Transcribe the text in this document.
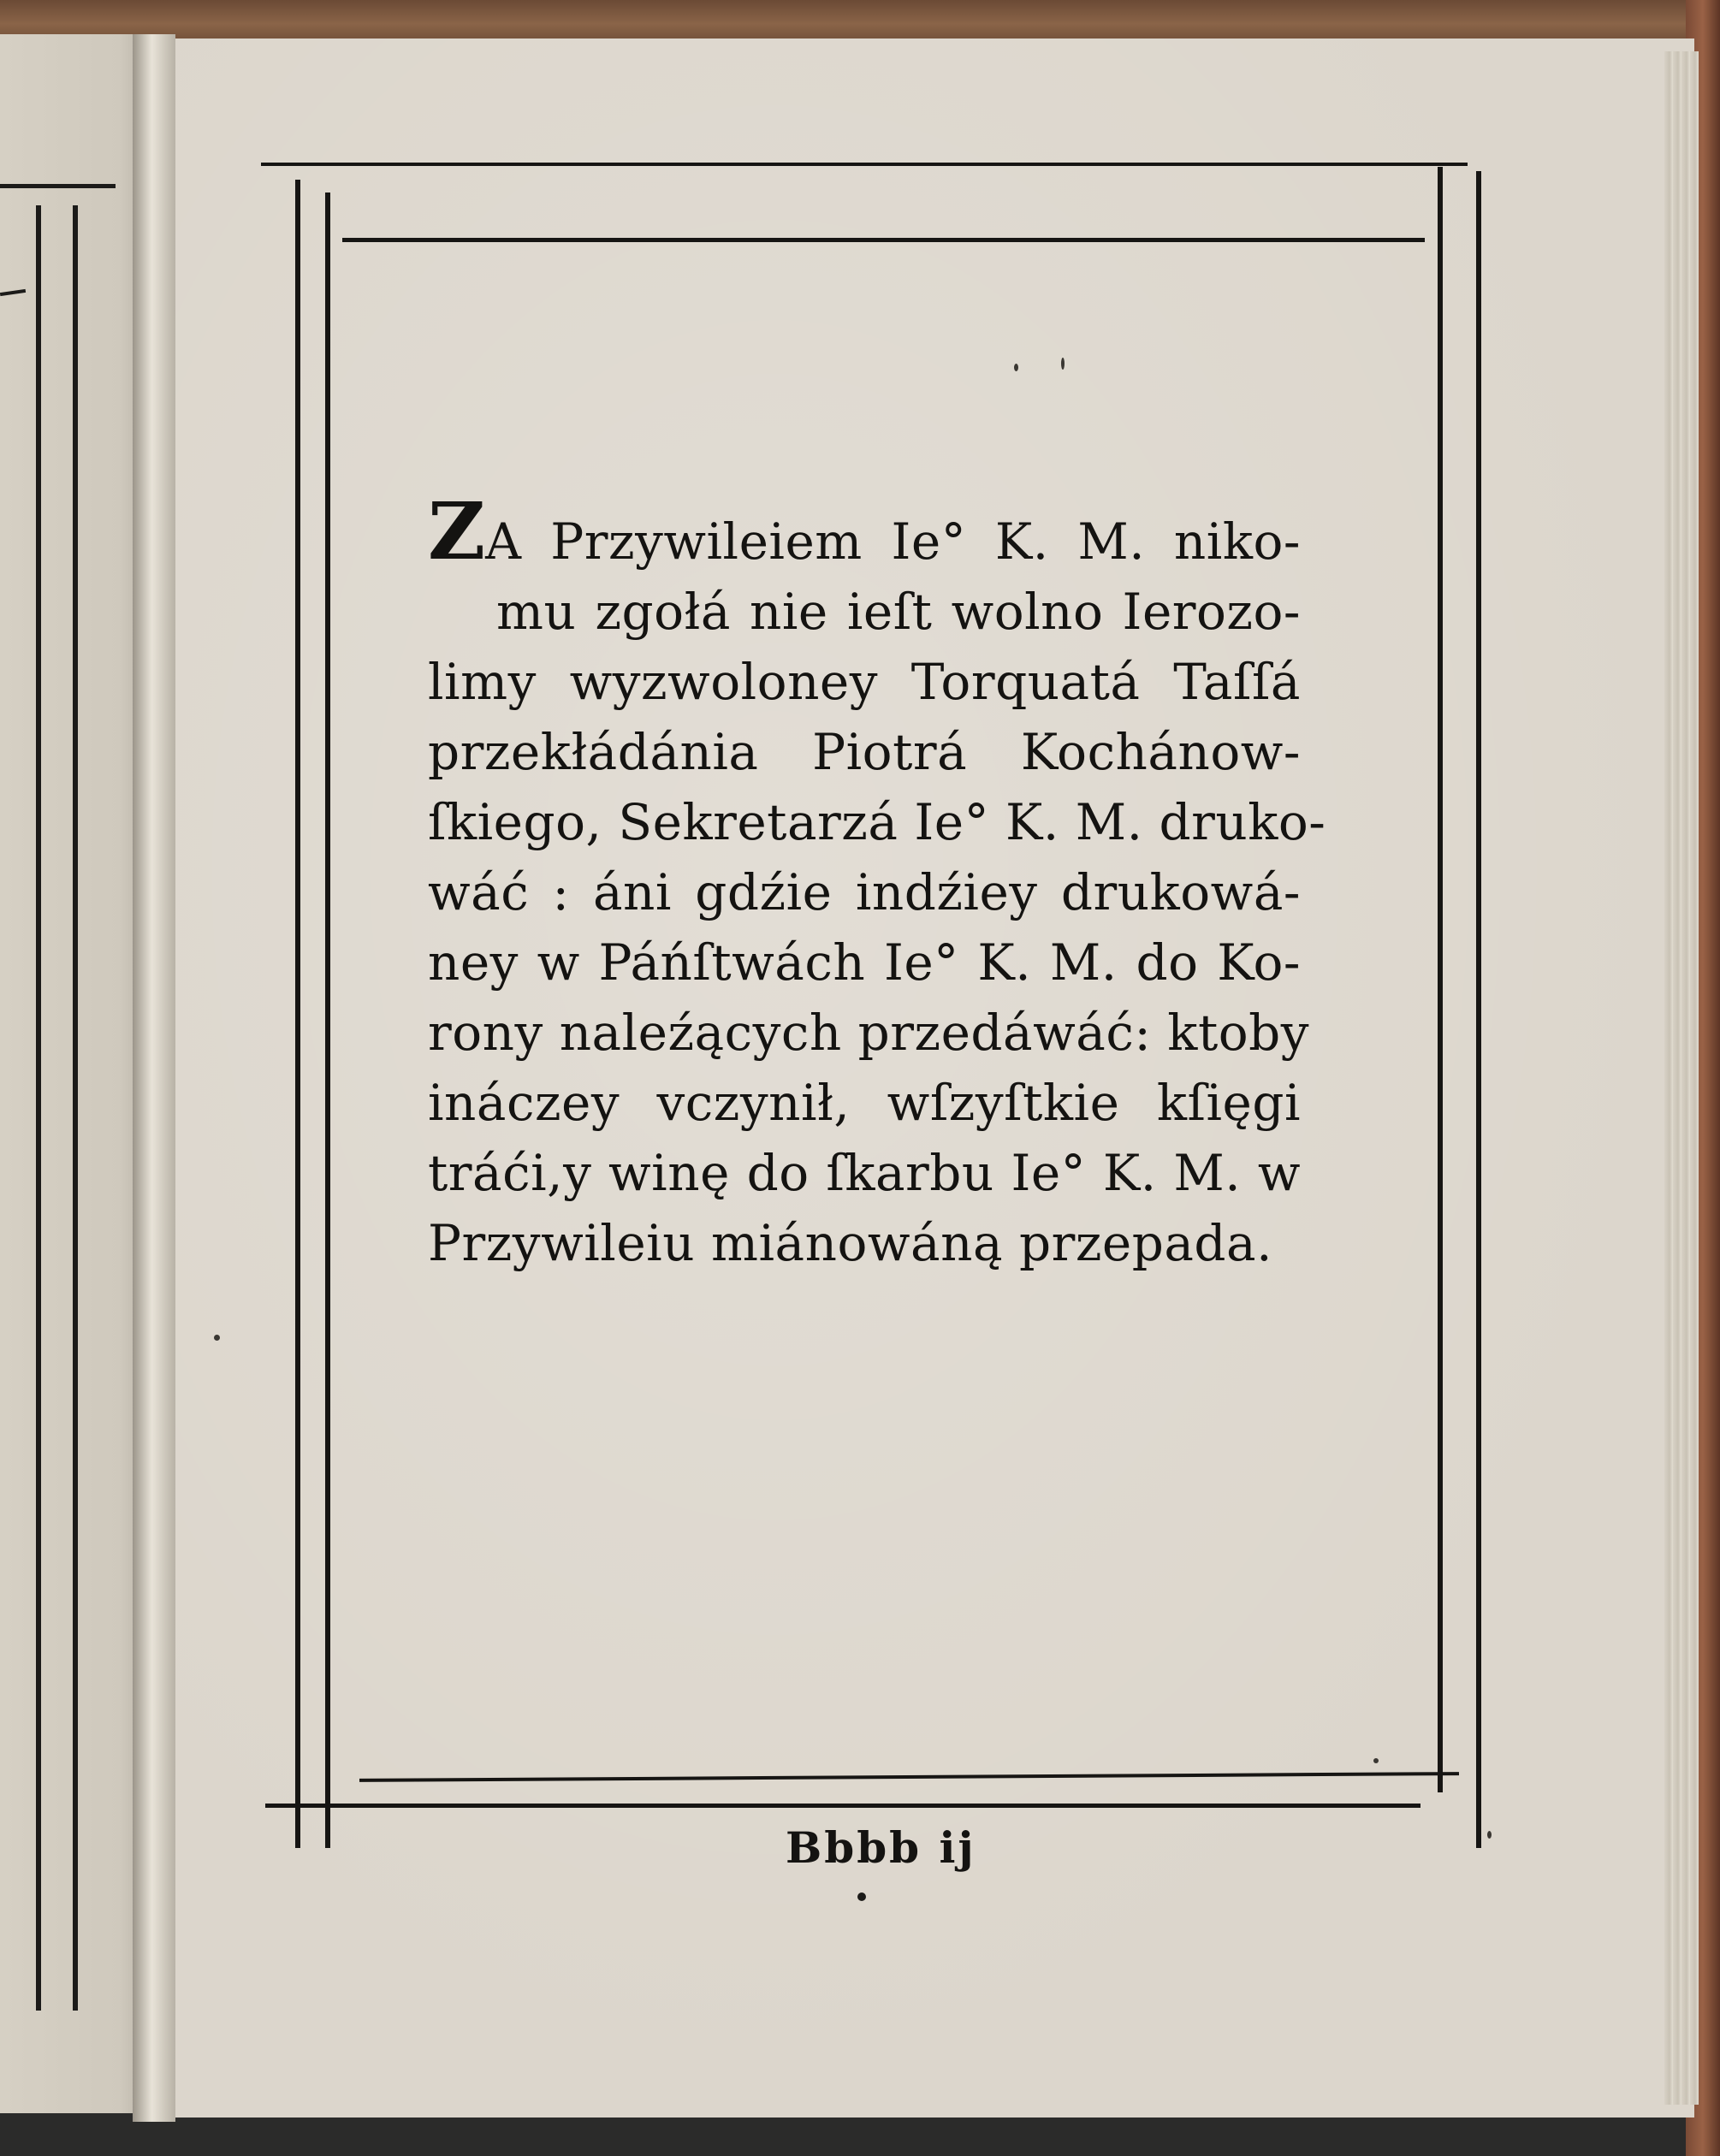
ZA Przywileiem Ie° K. M. niko-
mu zgołá nie ieſt wolno Ierozo-
limy wyzwoloney Torquatá Taſſá
przekłádánia Piotrá Kochánow-
ſkiego, Sekretarzá Ie° K. M. druko-
wáć : áni gdźie indźiey drukowá-
ney w Páńſtwách Ie° K. M. do Ko-
rony naleźących przedáwáć: ktoby
ináczey vczynił, wſzyſtkie kſięgi
tráći,y winę do ſkarbu Ie° K. M. w
Przywileiu miánowáną przepada.
Bbbb ij
